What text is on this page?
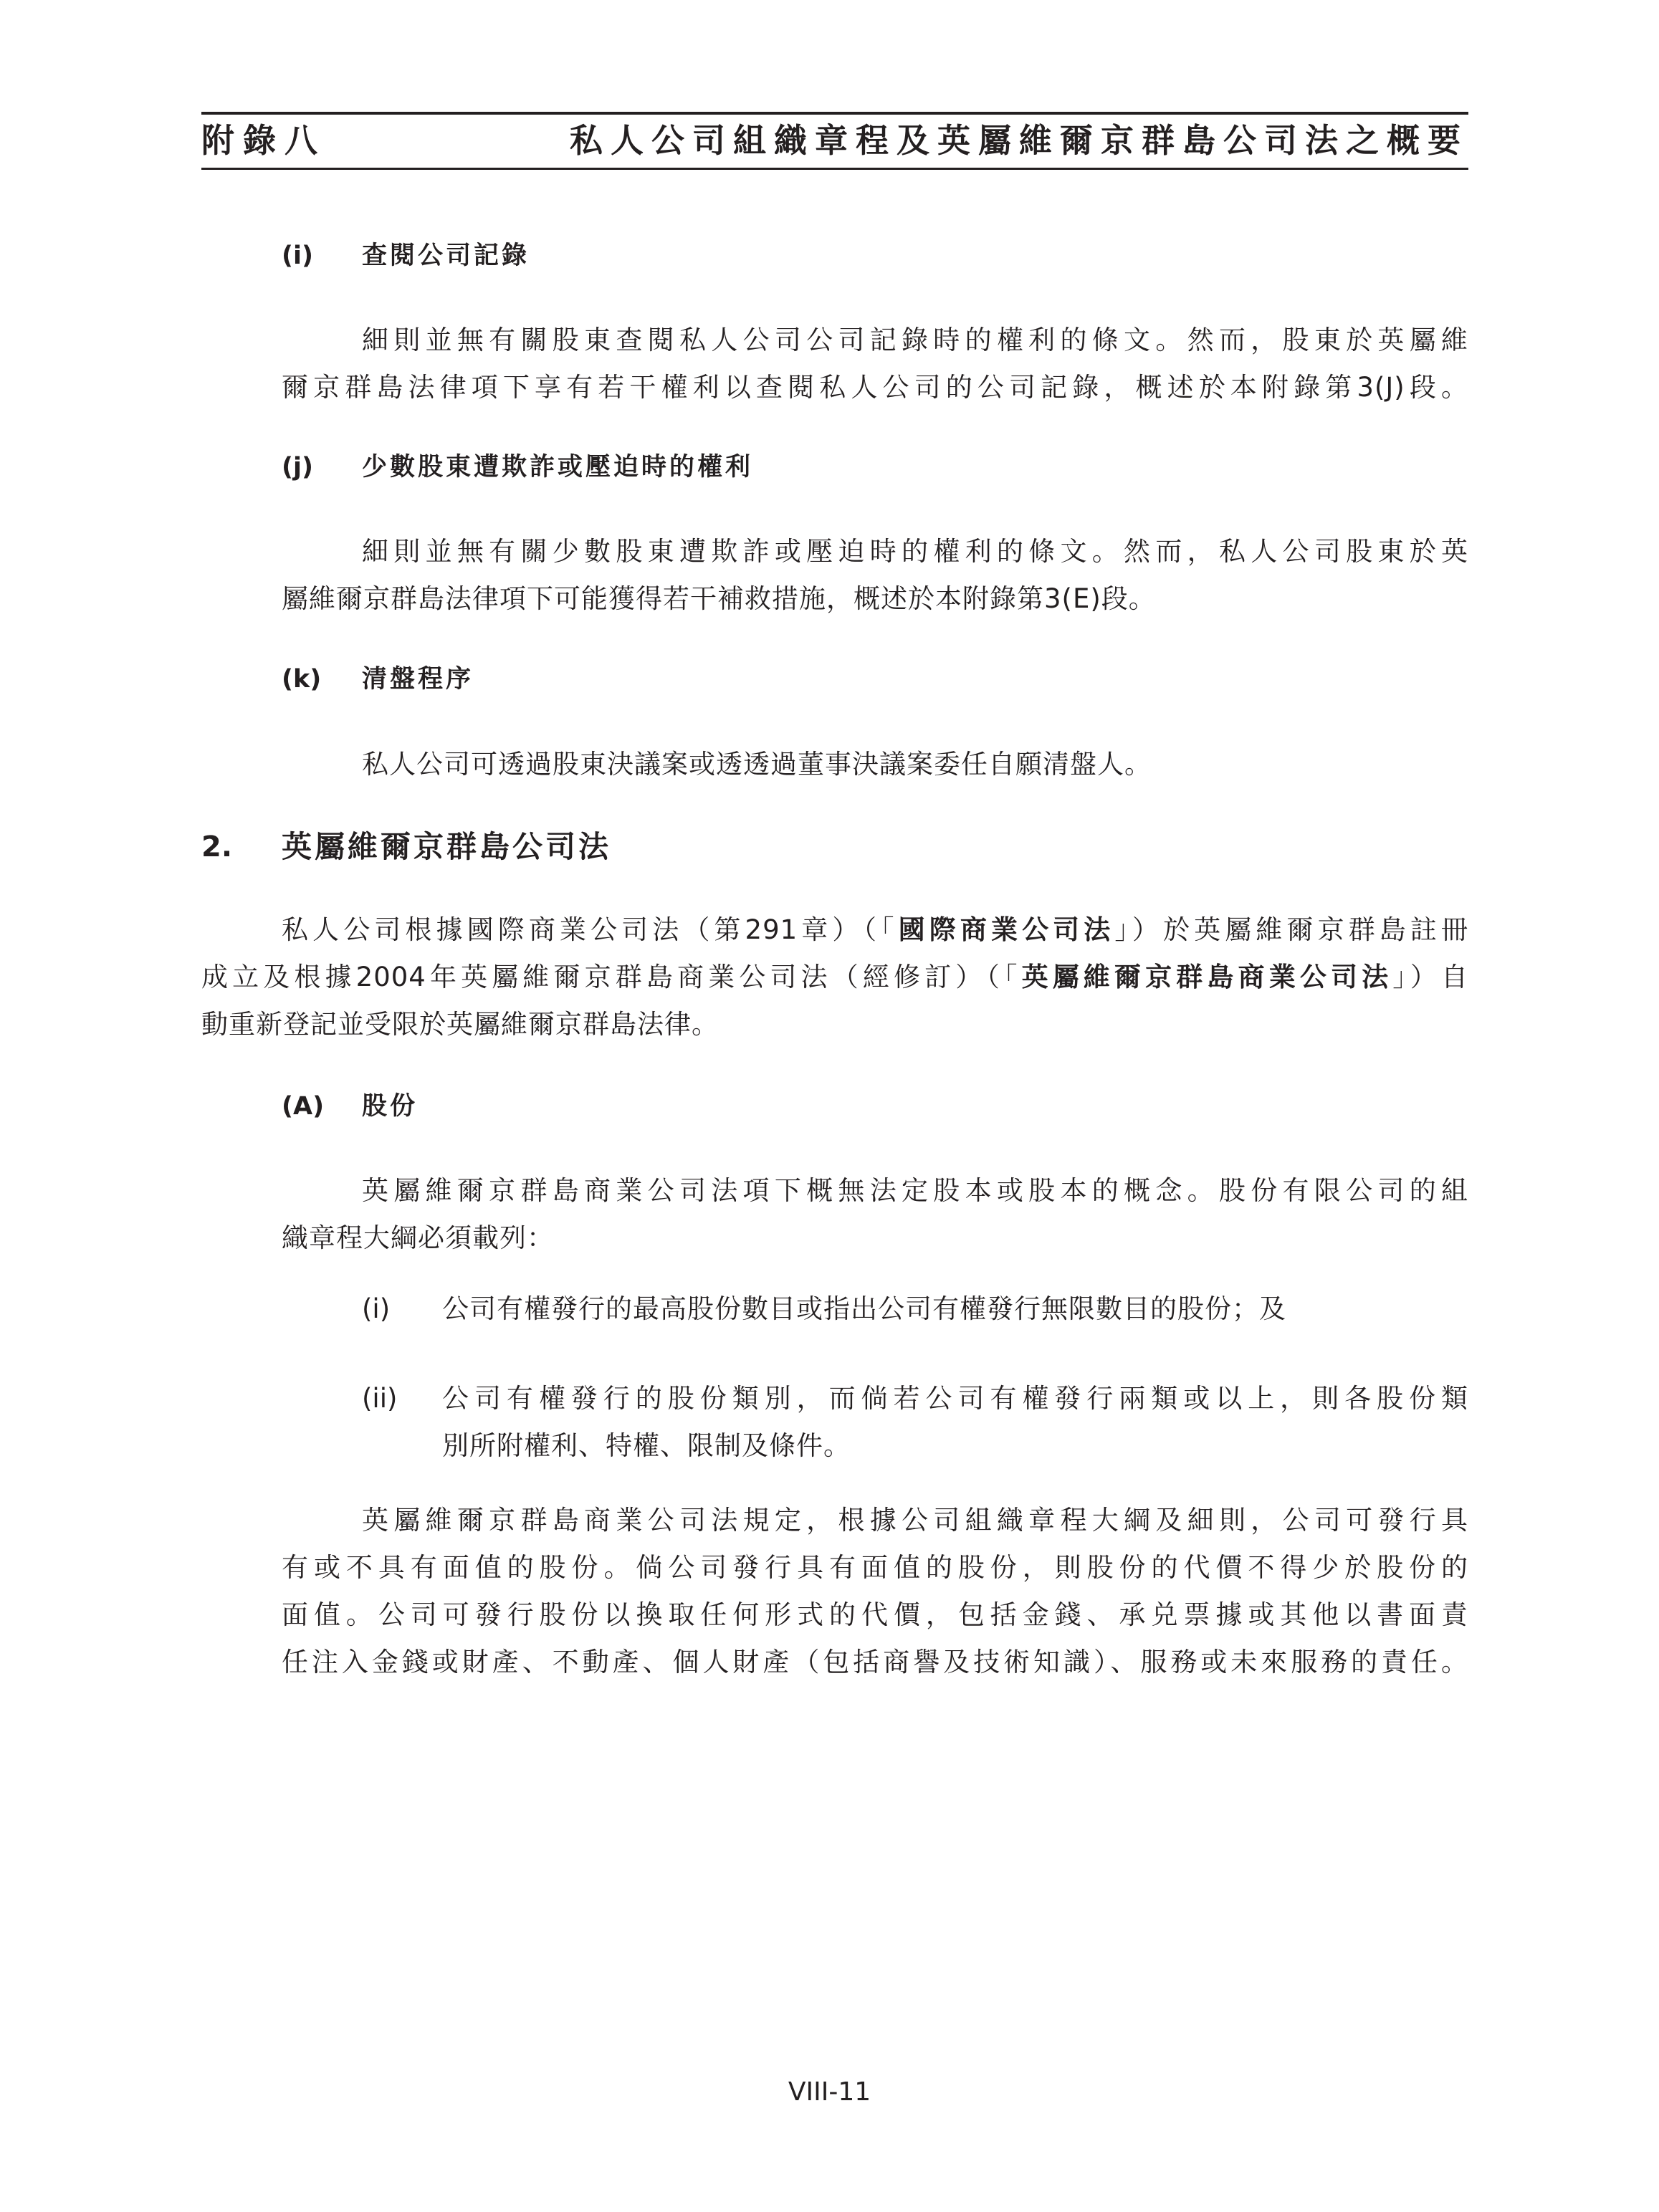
附錄八	私人公司組織章程及英屬維爾京群島公司法之概要
(i) 查閱公司記錄
細則並無有關股東查閱私人公司公司記錄時的權利的條文。然而，股東於英屬維
爾京群島法律項下享有若干權利以查閱私人公司的公司記錄，概述於本附錄第3(J)段。
(j) 少數股東遭欺詐或壓迫時的權利
細則並無有關少數股東遭欺詐或壓迫時的權利的條文。然而，私人公司股東於英
屬維爾京群島法律項下可能獲得若干補救措施，概述於本附錄第3(E)段。
(k) 清盤程序
私人公司可透過股東決議案或透透過董事決議案委任自願清盤人。
2. 英屬維爾京群島公司法
私人公司根據國際商業公司法（第291章）（「國際商業公司法」）於英屬維爾京群島註冊
成立及根據2004年英屬維爾京群島商業公司法（經修訂）（「英屬維爾京群島商業公司法」）自
動重新登記並受限於英屬維爾京群島法律。
(A) 股份
英屬維爾京群島商業公司法項下概無法定股本或股本的概念。股份有限公司的組
織章程大綱必須載列：
(i) 公司有權發行的最高股份數目或指出公司有權發行無限數目的股份；及
(ii) 公司有權發行的股份類別，而倘若公司有權發行兩類或以上，則各股份類
別所附權利、特權、限制及條件。
英屬維爾京群島商業公司法規定，根據公司組織章程大綱及細則，公司可發行具
有或不具有面值的股份。倘公司發行具有面值的股份，則股份的代價不得少於股份的
面值。公司可發行股份以換取任何形式的代價，包括金錢、承兑票據或其他以書面責
任注入金錢或財產、不動產、個人財產（包括商譽及技術知識）、服務或未來服務的責任。
VIII-11
